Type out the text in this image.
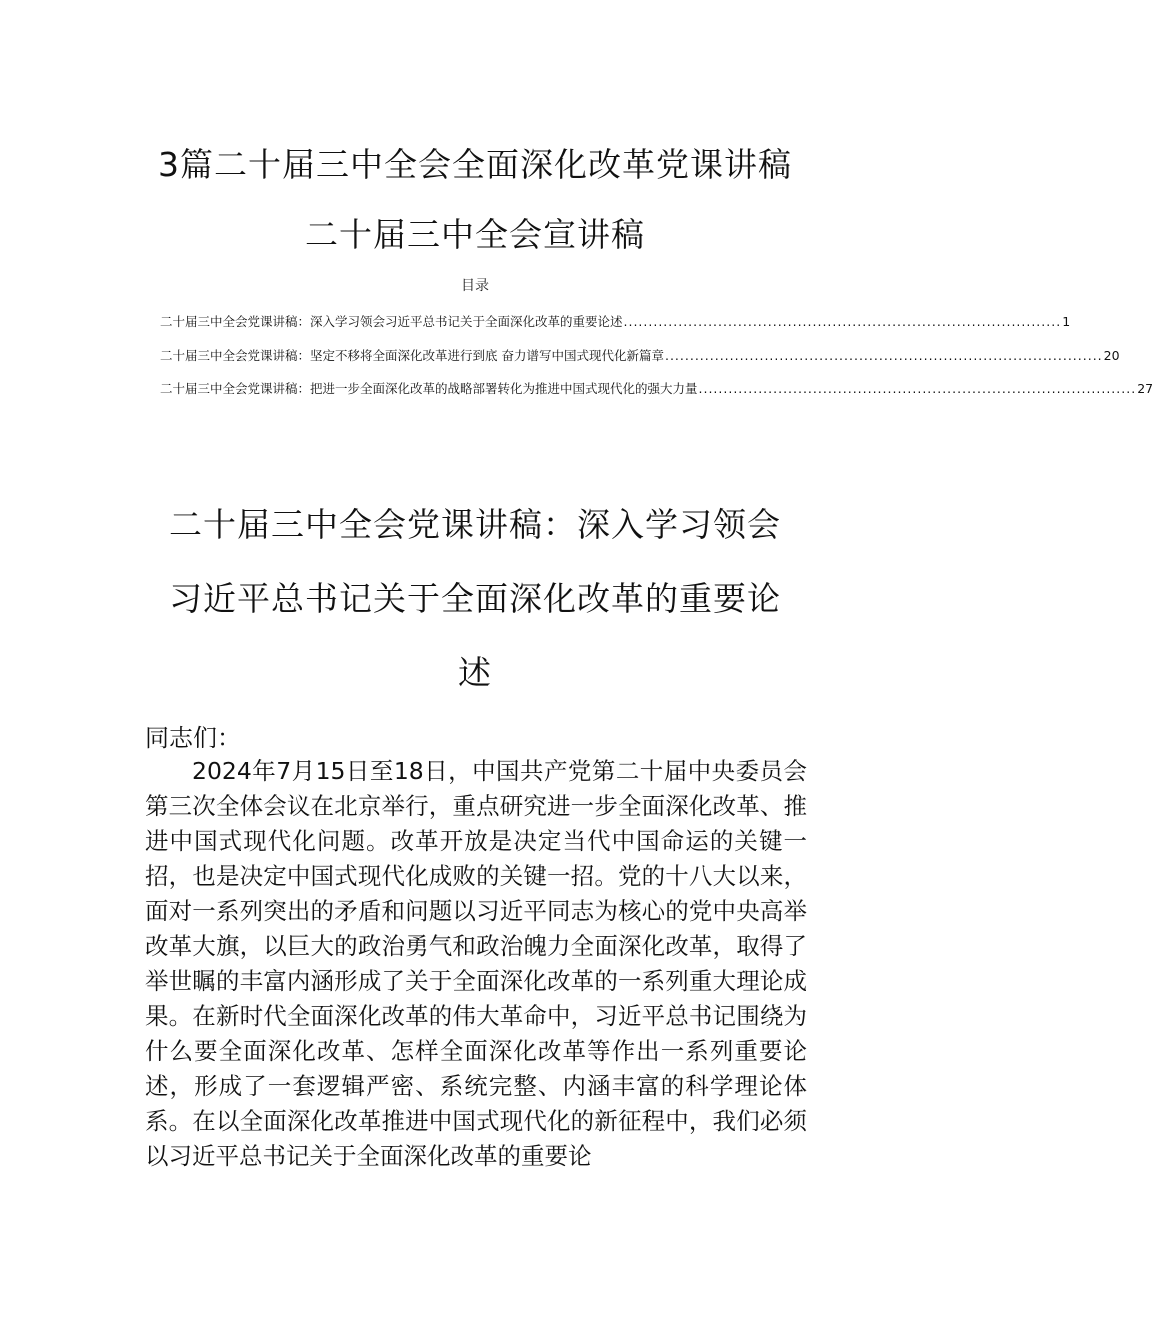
3篇二十届三中全会全面深化改革党课讲稿
二十届三中全会宣讲稿
目录
二十届三中全会党课讲稿：深入学习领会习近平总书记关于全面深化改革的重要论述 ........................................................................................ 1
二十届三中全会党课讲稿：坚定不移将全面深化改革进行到底 奋力谱写中国式现代化新篇章 ........................................................................................ 20
二十届三中全会党课讲稿：把进一步全面深化改革的战略部署转化为推进中国式现代化的强大力量 ........................................................................................ 27
二十届三中全会党课讲稿：深入学习领会习近平总书记关于全面深化改革的重要论述

同志们：

2024年7月15日至18日，中国共产党第二十届中央委员会第三次全体会议在北京举行，重点研究进一步全面深化改革、推进中国式现代化问题。改革开放是决定当代中国命运的关键一招，也是决定中国式现代化成败的关键一招。党的十八大以来，面对一系列突出的矛盾和问题以习近平同志为核心的党中央高举改革大旗，以巨大的政治勇气和政治魄力全面深化改革，取得了举世瞩的丰富内涵形成了关于全面深化改革的一系列重大理论成果。在新时代全面深化改革的伟大革命中，习近平总书记围绕为什么要全面深化改革、怎样全面深化改革等作出一系列重要论述，形成了一套逻辑严密、系统完整、内涵丰富的科学理论体系。在以全面深化改革推进中国式现代化的新征程中，我们必须以习近平总书记关于全面深化改革的重要论
